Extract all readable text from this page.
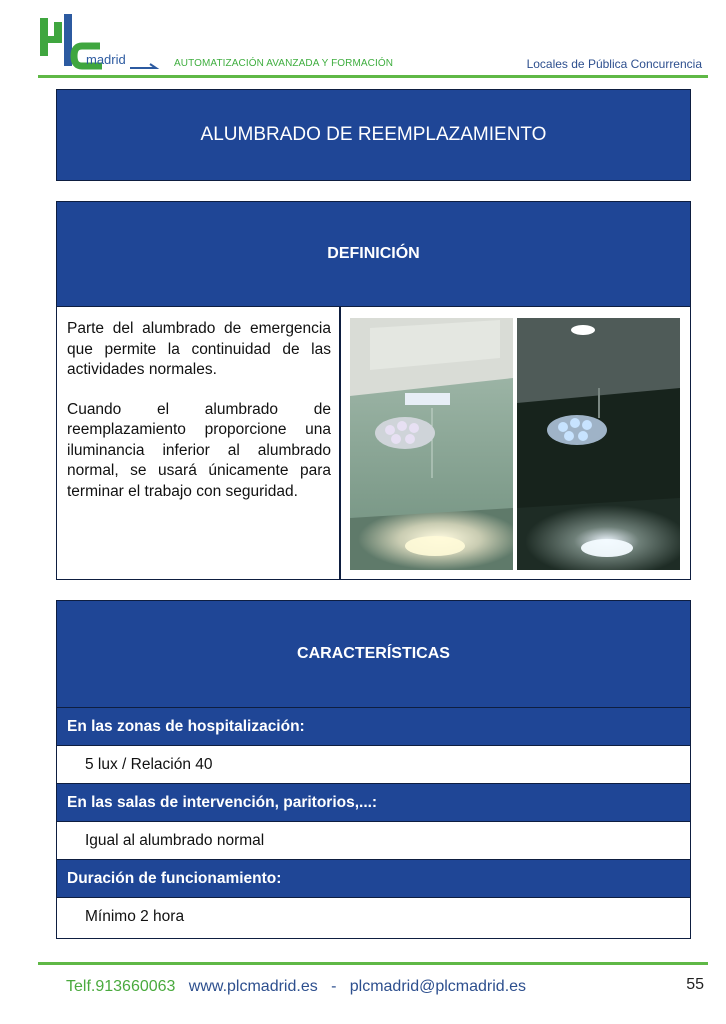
madrid	AUTOMATIZACIÓN AVANZADA Y FORMACIÓN	Locales de Pública Concurrencia
ALUMBRADO DE REEMPLAZAMIENTO
DEFINICIÓN

Parte del alumbrado de emergencia que permite la continuidad de las actividades normales.

Cuando el alumbrado de reemplazamiento proporcione una iluminancia inferior al alumbrado normal, se usará únicamente para terminar el trabajo con seguridad.

CARACTERÍSTICAS
En las zonas de hospitalización:
5 lux / Relación 40
En las salas de intervención, paritorios,...:
Igual al alumbrado normal
Duración de funcionamiento:
Mínimo 2 hora
Telf.913660063 www.plcmadrid.es - plcmadrid@plcmadrid.es	55
